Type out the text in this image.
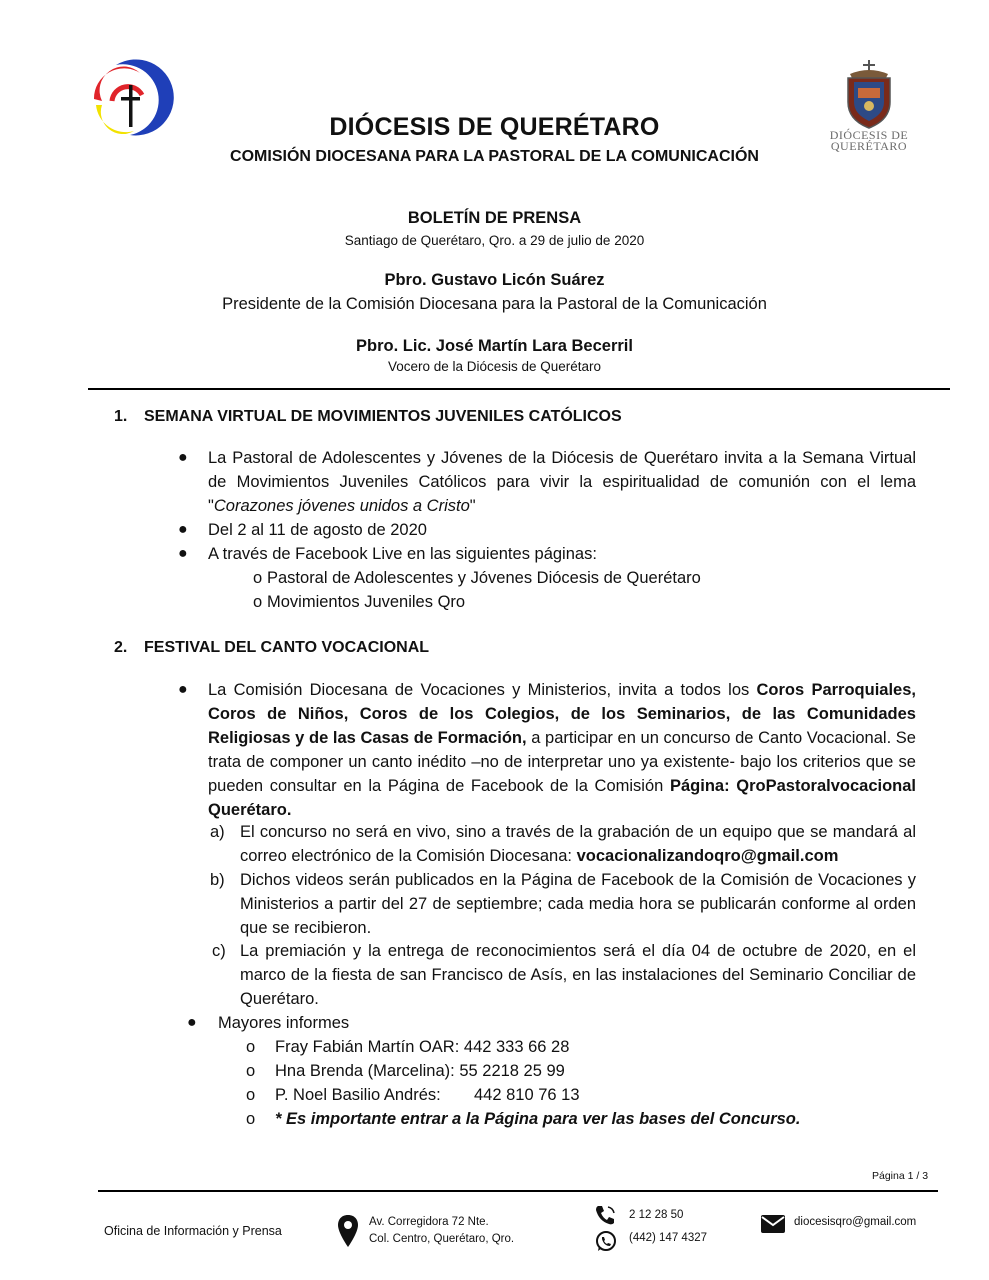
DIÓCESIS DE
QUERÉTARO
DIÓCESIS DE QUERÉTARO
COMISIÓN DIOCESANA PARA LA PASTORAL DE LA COMUNICACIÓN
BOLETÍN DE PRENSA
Santiago de Querétaro, Qro. a 29 de julio de 2020
Pbro. Gustavo Licón Suárez
Presidente de la Comisión Diocesana para la Pastoral de la Comunicación
Pbro. Lic. José Martín Lara Becerril
Vocero de la Diócesis de Querétaro
1. SEMANA VIRTUAL DE MOVIMIENTOS JUVENILES CATÓLICOS
● La Pastoral de Adolescentes y Jóvenes de la Diócesis de Querétaro invita a la Semana Virtual de Movimientos Juveniles Católicos para vivir la espiritualidad de comunión con el lema "Corazones jóvenes unidos a Cristo"
● Del 2 al 11 de agosto de 2020
● A través de Facebook Live en las siguientes páginas:
o Pastoral de Adolescentes y Jóvenes Diócesis de Querétaro
o Movimientos Juveniles Qro
2. FESTIVAL DEL CANTO VOCACIONAL
● La Comisión Diocesana de Vocaciones y Ministerios, invita a todos los Coros Parroquiales, Coros de Niños, Coros de los Colegios, de los Seminarios, de las Comunidades Religiosas y de las Casas de Formación, a participar en un concurso de Canto Vocacional. Se trata de componer un canto inédito –no de interpretar uno ya existente- bajo los criterios que se pueden consultar en la Página de Facebook de la Comisión Página: QroPastoralvocacional Querétaro.
a) El concurso no será en vivo, sino a través de la grabación de un equipo que se mandará al correo electrónico de la Comisión Diocesana: vocacionalizandoqro@gmail.com
b) Dichos videos serán publicados en la Página de Facebook de la Comisión de Vocaciones y Ministerios a partir del 27 de septiembre; cada media hora se publicarán conforme al orden que se recibieron.
c) La premiación y la entrega de reconocimientos será el día 04 de octubre de 2020, en el marco de la fiesta de san Francisco de Asís, en las instalaciones del Seminario Conciliar de Querétaro.
● Mayores informes
o Fray Fabián Martín OAR: 442 333 66 28
o Hna Brenda (Marcelina): 55 2218 25 99
o P. Noel Basilio Andrés: 442 810 76 13
o * Es importante entrar a la Página para ver las bases del Concurso.
Página 1 / 3
Oficina de Información y Prensa
Av. Corregidora 72 Nte.
Col. Centro, Querétaro, Qro.
2 12 28 50
(442) 147 4327
diocesisqro@gmail.com
